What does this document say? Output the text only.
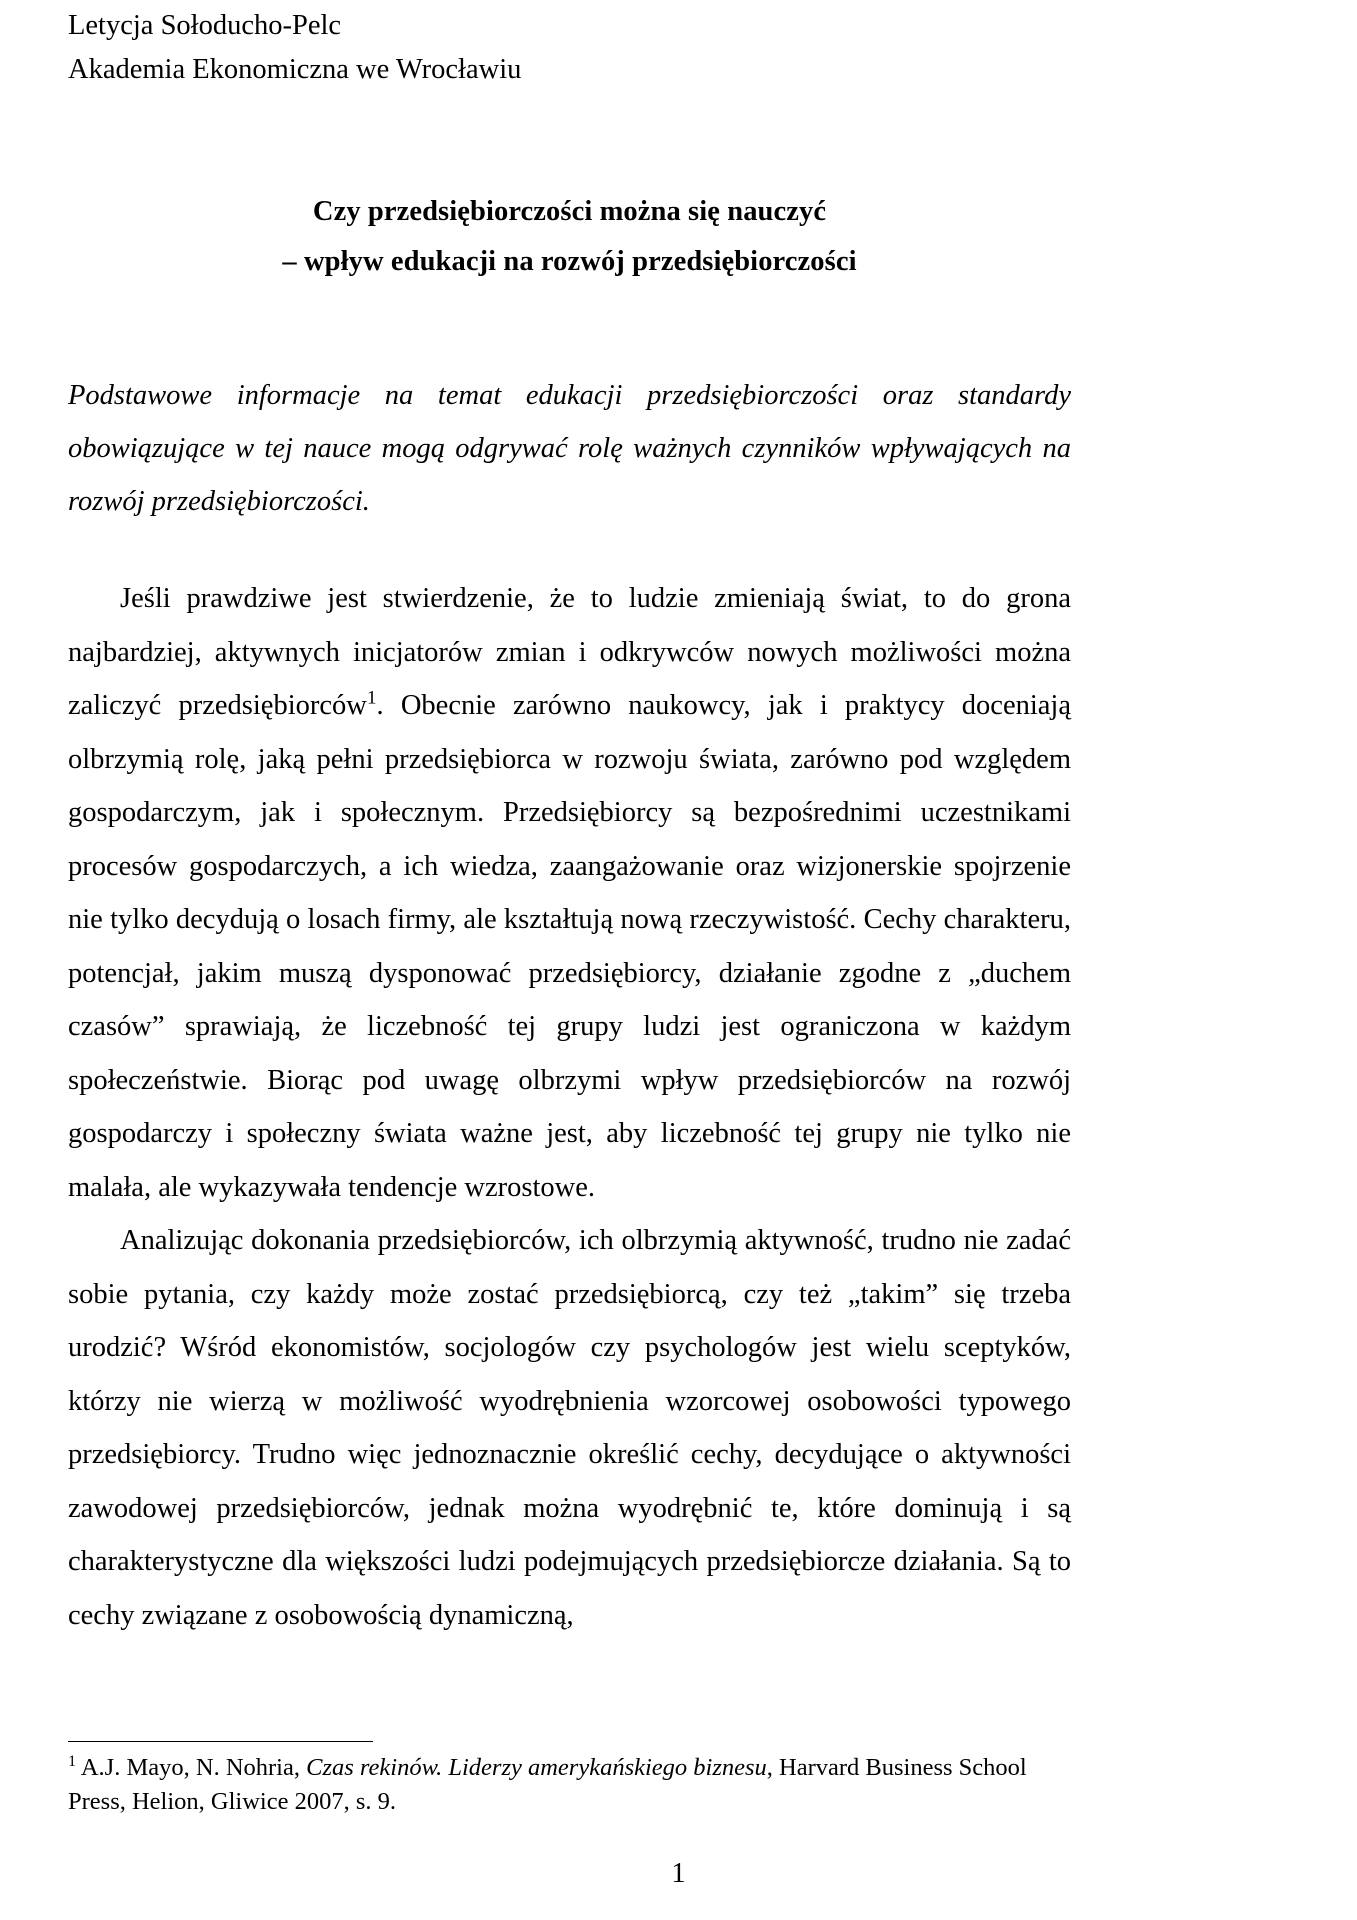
Letycja Sołoducho-Pelc
Akademia Ekonomiczna we Wrocławiu
Czy przedsiębiorczości można się nauczyć
– wpływ edukacji na rozwój przedsiębiorczości
Podstawowe informacje na temat edukacji przedsiębiorczości oraz standardy obowiązujące w tej nauce mogą odgrywać rolę ważnych czynników wpływających na rozwój przedsiębiorczości.

Jeśli prawdziwe jest stwierdzenie, że to ludzie zmieniają świat, to do grona najbardziej, aktywnych inicjatorów zmian i odkrywców nowych możliwości można zaliczyć przedsiębiorców$^1$. Obecnie zarówno naukowcy, jak i praktycy doceniają olbrzymią rolę, jaką pełni przedsiębiorca w rozwoju świata, zarówno pod względem gospodarczym, jak i społecznym. Przedsiębiorcy są bezpośrednimi uczestnikami procesów gospodarczych, a ich wiedza, zaangażowanie oraz wizjonerskie spojrzenie nie tylko decydują o losach firmy, ale kształtują nową rzeczywistość. Cechy charakteru, potencjał, jakim muszą dysponować przedsiębiorcy, działanie zgodne z „duchem czasów” sprawiają, że liczebność tej grupy ludzi jest ograniczona w każdym społeczeństwie. Biorąc pod uwagę olbrzymi wpływ przedsiębiorców na rozwój gospodarczy i społeczny świata ważne jest, aby liczebność tej grupy nie tylko nie malała, ale wykazywała tendencje wzrostowe.

Analizując dokonania przedsiębiorców, ich olbrzymią aktywność, trudno nie zadać sobie pytania, czy każdy może zostać przedsiębiorcą, czy też „takim” się trzeba urodzić? Wśród ekonomistów, socjologów czy psychologów jest wielu sceptyków, którzy nie wierzą w możliwość wyodrębnienia wzorcowej osobowości typowego przedsiębiorcy. Trudno więc jednoznacznie określić cechy, decydujące o aktywności zawodowej przedsiębiorców, jednak można wyodrębnić te, które dominują i są charakterystyczne dla większości ludzi podejmujących przedsiębiorcze działania. Są to cechy związane z osobowością dynamiczną,

$^1$ A.J. Mayo, N. Nohria, Czas rekinów. Liderzy amerykańskiego biznesu, Harvard Business School Press, Helion, Gliwice 2007, s. 9.
1
